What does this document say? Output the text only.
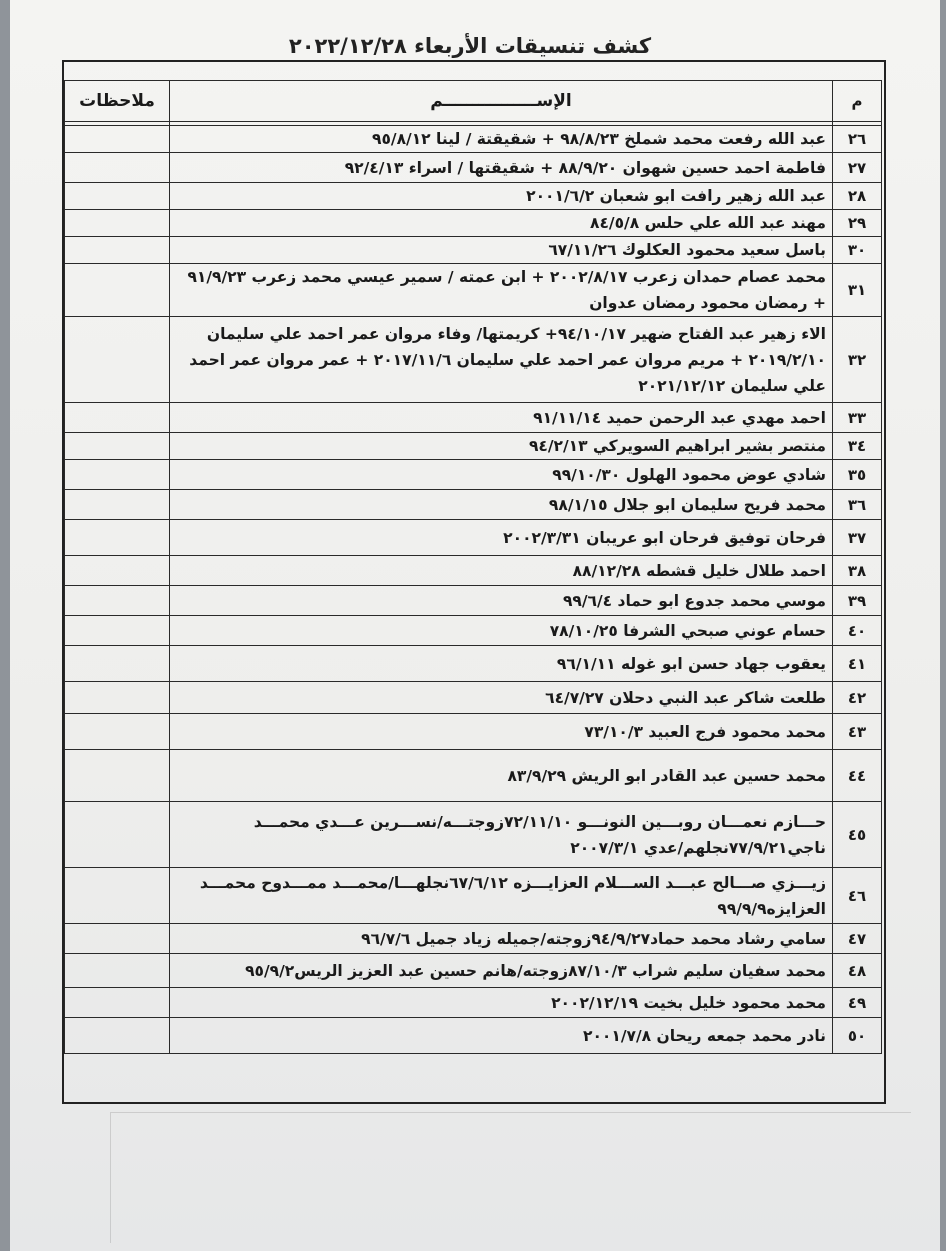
كشف تنسيقات الأربعاء ٢٠٢٢/١٢/٢٨
م	الإســــــــــــــــم	ملاحظات

٢٦	عبد الله رفعت محمد شملخ ٩٨/٨/٢٣ + شقيقتة / لينا ٩٥/٨/١٢	
٢٧	فاطمة احمد حسين شهوان ٨٨/٩/٢٠ + شقيقتها / اسراء ٩٢/٤/١٣	
٢٨	عبد الله زهير رافت ابو شعبان ٢٠٠١/٦/٢	
٢٩	مهند عبد الله علي حلس ٨٤/٥/٨	
٣٠	باسل سعيد محمود العكلوك ٦٧/١١/٢٦	
٣١	محمد عصام حمدان زعرب ٢٠٠٢/٨/١٧ + ابن عمته / سمير عيسي محمد زعرب ٩١/٩/٢٣ + رمضان محمود رمضان عدوان	
٣٢	الاء زهير عبد الفتاح ضهير ٩٤/١٠/١٧+ كريمتها/ وفاء مروان عمر احمد علي سليمان ٢٠١٩/٢/١٠ + مريم مروان عمر احمد علي سليمان ٢٠١٧/١١/٦ + عمر مروان عمر احمد علي سليمان ٢٠٢١/١٢/١٢	
٣٣	احمد مهدي عبد الرحمن حميد ٩١/١١/١٤	
٣٤	منتصر بشير ابراهيم السويركي ٩٤/٢/١٣	
٣٥	شادي عوض محمود الهلول ٩٩/١٠/٣٠	
٣٦	محمد فريح سليمان ابو جلال ٩٨/١/١٥	
٣٧	فرحان توفيق فرحان ابو عريبان ٢٠٠٢/٣/٣١	
٣٨	احمد طلال خليل قشطه ٨٨/١٢/٢٨	
٣٩	موسي محمد جدوع ابو حماد ٩٩/٦/٤	
٤٠	حسام عوني صبحي الشرفا ٧٨/١٠/٢٥	
٤١	يعقوب جهاد حسن ابو غوله ٩٦/١/١١	
٤٢	طلعت شاكر عبد النبي دحلان ٦٤/٧/٢٧	
٤٣	محمد محمود فرج العبيد ٧٣/١٠/٣	
٤٤	محمد حسين عبد القادر ابو الريش ٨٣/٩/٢٩	
٤٥	حـــازم نعمـــان روبـــين النونـــو ٧٢/١١/١٠زوجتـــه/نســـرين عـــدي محمـــد ناجي٧٧/٩/٢١نجلهم/عدي ٢٠٠٧/٣/١	
٤٦	زيـــزي صـــالح عبـــد الســـلام العزايـــزه ٦٧/٦/١٢نجلهـــا/محمـــد ممـــدوح محمـــد العزايزه٩٩/٩/٩	
٤٧	سامي رشاد محمد حماد٩٤/٩/٢٧زوجته/جميله زياد جميل ٩٦/٧/٦	
٤٨	محمد سفيان سليم شراب ٨٧/١٠/٣زوجته/هانم حسين عبد العزيز الريس٩٥/٩/٢	
٤٩	محمد محمود خليل بخيت ٢٠٠٢/١٢/١٩	
٥٠	نادر محمد جمعه ريحان ٢٠٠١/٧/٨	
